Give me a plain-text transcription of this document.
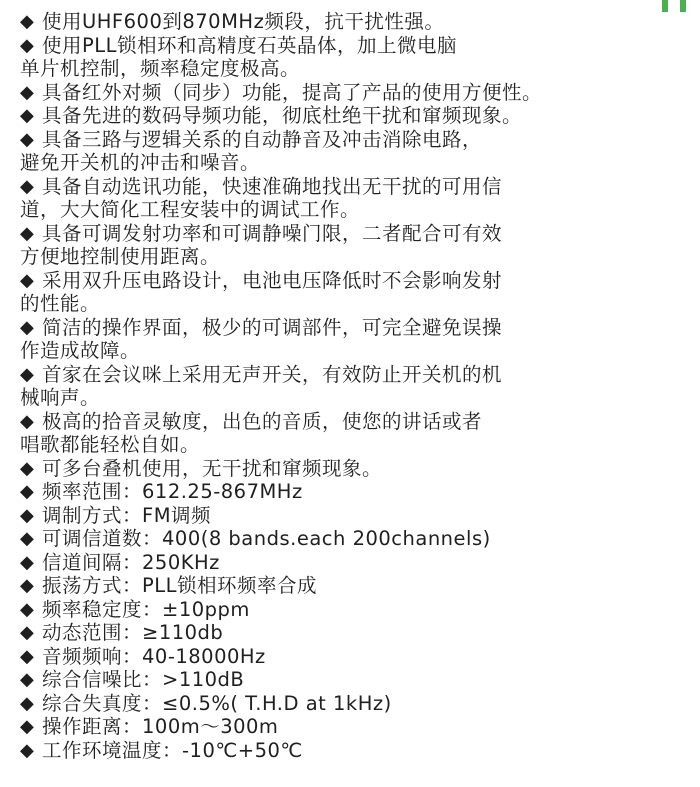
◆ 使用UHF600到870MHz频段，抗干扰性强。
◆ 使用PLL锁相环和高精度石英晶体，加上微电脑
单片机控制，频率稳定度极高。
◆ 具备红外对频（同步）功能，提高了产品的使用方便性。
◆ 具备先进的数码导频功能，彻底杜绝干扰和窜频现象。
◆ 具备三路与逻辑关系的自动静音及冲击消除电路，
避免开关机的冲击和噪音。
◆ 具备自动选讯功能，快速准确地找出无干扰的可用信
道，大大简化工程安装中的调试工作。
◆ 具备可调发射功率和可调静噪门限，二者配合可有效
方便地控制使用距离。
◆ 采用双升压电路设计，电池电压降低时不会影响发射
的性能。
◆ 简洁的操作界面，极少的可调部件，可完全避免误操
作造成故障。
◆ 首家在会议咪上采用无声开关，有效防止开关机的机
械响声。
◆ 极高的拾音灵敏度，出色的音质，使您的讲话或者
唱歌都能轻松自如。
◆ 可多台叠机使用，无干扰和窜频现象。
◆ 频率范围：612.25-867MHz
◆ 调制方式：FM调频
◆ 可调信道数：400(8 bands.each 200channels)
◆ 信道间隔：250KHz
◆ 振荡方式：PLL锁相环频率合成
◆ 频率稳定度：±10ppm
◆ 动态范围：≥110db
◆ 音频频响：40-18000Hz
◆ 综合信噪比：>110dB
◆ 综合失真度：≤0.5%( T.H.D at 1kHz)
◆ 操作距离：100m～300m
◆ 工作环境温度：-10℃+50℃
